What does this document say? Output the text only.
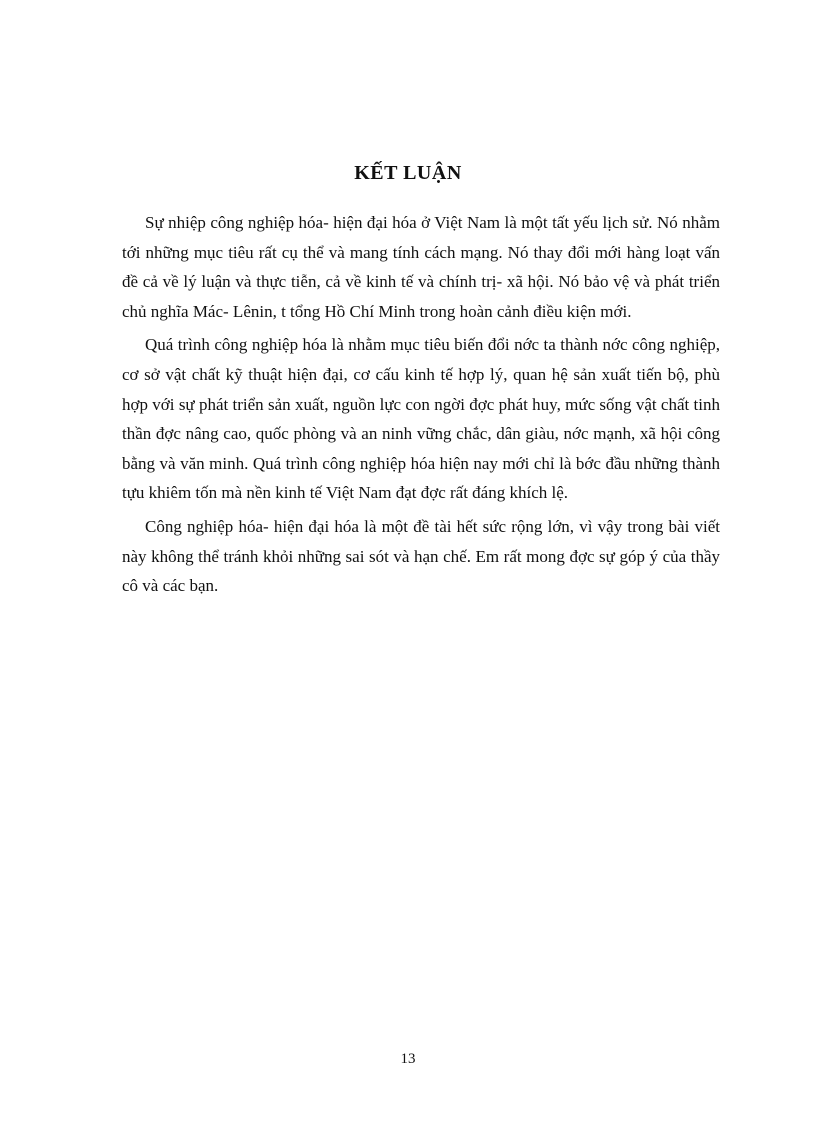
KẾT LUẬN

Sự nhiệp công nghiệp hóa- hiện đại hóa ở Việt Nam là một tất yếu lịch sử. Nó nhằm tới những mục tiêu rất cụ thể và mang tính cách mạng. Nó thay đổi mới hàng loạt vấn đề cả về lý luận và thực tiễn, cả về kinh tế và chính trị- xã hội. Nó bảo vệ và phát triển chủ nghĩa Mác- Lênin, t tổng Hồ Chí Minh trong hoàn cảnh điều kiện mới.

Quá trình công nghiệp hóa là nhằm mục tiêu biến đổi nớc ta thành nớc công nghiệp, cơ sở vật chất kỹ thuật hiện đại, cơ cấu kinh tế hợp lý, quan hệ sản xuất tiến bộ, phù hợp với sự phát triển sản xuất, nguồn lực con ngời đợc phát huy, mức sống vật chất tinh thần đợc nâng cao, quốc phòng và an ninh vững chắc, dân giàu, nớc mạnh, xã hội công bằng và văn minh. Quá trình công nghiệp hóa hiện nay mới chỉ là bớc đầu những thành tựu khiêm tốn mà nền kinh tế Việt Nam đạt đợc rất đáng khích lệ.

Công nghiệp hóa- hiện đại hóa là một đề tài hết sức rộng lớn, vì vậy trong bài viết này không thể tránh khỏi những sai sót và hạn chế. Em rất mong đợc sự góp ý của thầy cô và các bạn.

13
